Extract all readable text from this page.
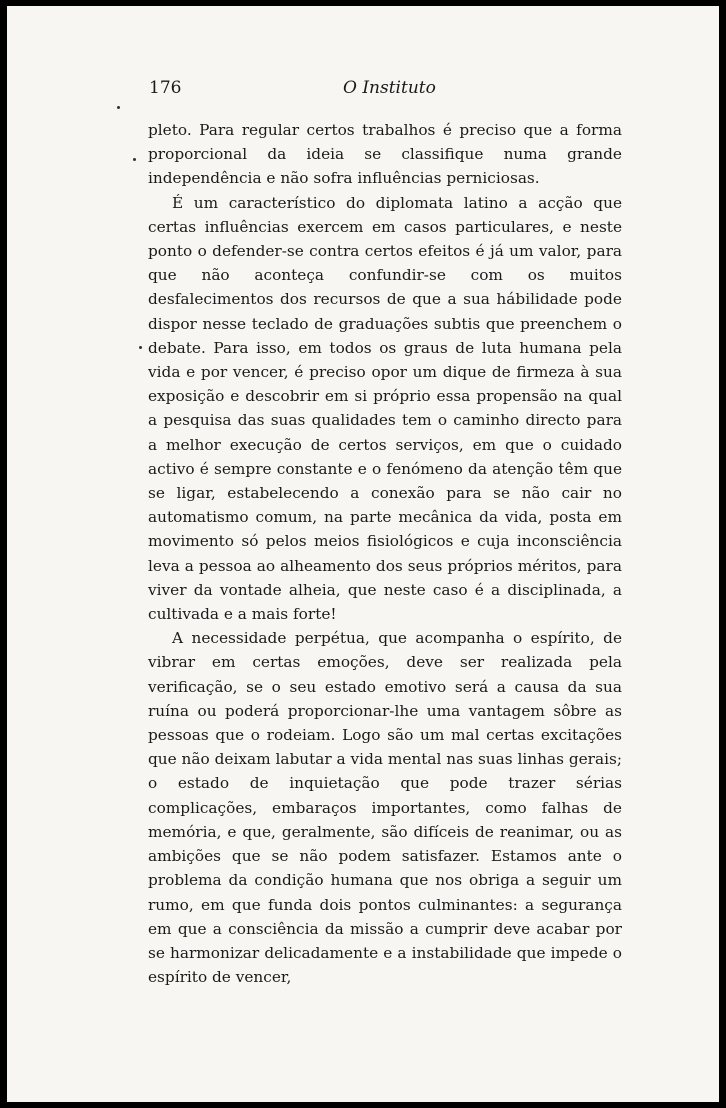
176	O Instituto

pleto. Para regular certos trabalhos é preciso que a forma proporcional da ideia se classifique numa grande independência e não sofra influências perniciosas.

É um característico do diplomata latino a acção que certas influências exercem em casos particulares, e neste ponto o defender-se contra certos efeitos é já um valor, para que não aconteça confundir-se com os muitos desfalecimentos dos recursos de que a sua hábilidade pode dispor nesse teclado de graduações subtis que preenchem o debate. Para isso, em todos os graus de luta humana pela vida e por vencer, é preciso opor um dique de firmeza à sua exposição e descobrir em si próprio essa propensão na qual a pesquisa das suas qualidades tem o caminho directo para a melhor execução de certos serviços, em que o cuidado activo é sempre constante e o fenómeno da atenção têm que se ligar, estabelecendo a conexão para se não cair no automatismo comum, na parte mecânica da vida, posta em movimento só pelos meios fisiológicos e cuja inconsciência leva a pessoa ao alheamento dos seus próprios méritos, para viver da vontade alheia, que neste caso é a disciplinada, a cultivada e a mais forte!

A necessidade perpétua, que acompanha o espírito, de vibrar em certas emoções, deve ser realizada pela verificação, se o seu estado emotivo será a causa da sua ruína ou poderá proporcionar-lhe uma vantagem sôbre as pessoas que o rodeiam. Logo são um mal certas excitações que não deixam labutar a vida mental nas suas linhas gerais; o estado de inquietação que pode trazer sérias complicações, embaraços importantes, como falhas de memória, e que, geralmente, são difíceis de reanimar, ou as ambições que se não podem satisfazer. Estamos ante o problema da condição humana que nos obriga a seguir um rumo, em que funda dois pontos culminantes: a segurança em que a consciência da missão a cumprir deve acabar por se harmonizar delicadamente e a instabilidade que impede o espírito de vencer,
